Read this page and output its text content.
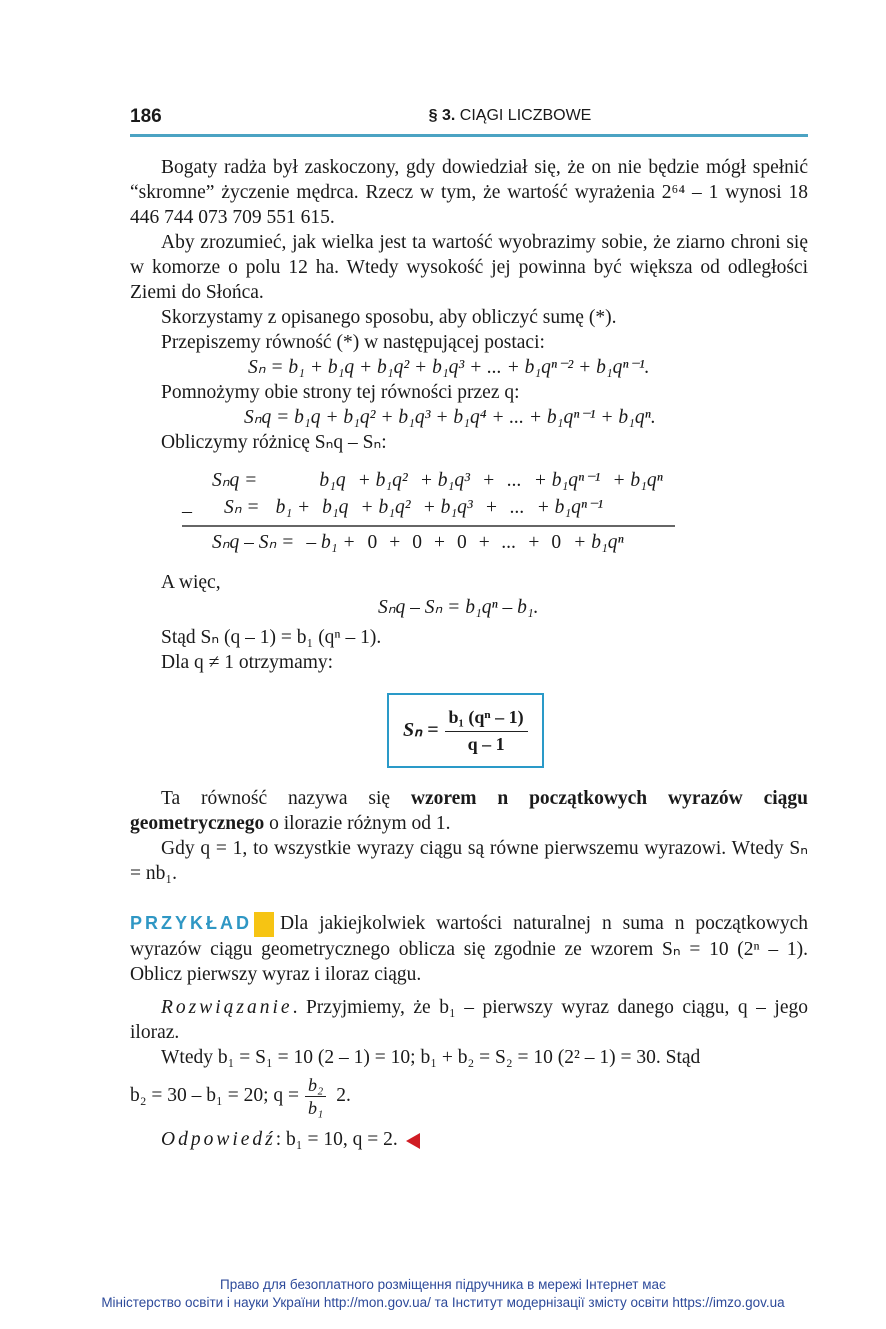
186	§ 3. CIĄGI LICZBOWE

Bogaty radża był zaskoczony, gdy dowiedział się, że on nie będzie mógł spełnić “skromne” życzenie mędrca. Rzecz w tym, że wartość wyrażenia 2⁶⁴ – 1 wynosi 18 446 744 073 709 551 615.

Aby zrozumieć, jak wielka jest ta wartość wyobrazimy sobie, że ziarno chroni się w komorze o polu 12 ha. Wtedy wysokość jej powinna być większa od odległości Ziemi do Słońca.

Skorzystamy z opisanego sposobu, aby obliczyć sumę (*).

Przepiszemy równość (*) w następującej postaci:

Sₙ = b₁ + b₁q + b₁q² + b₁q³ + ... + b₁qⁿ⁻² + b₁qⁿ⁻¹.

Pomnożymy obie strony tej równości przez q:

Sₙq = b₁q + b₁q² + b₁q³ + b₁q⁴ + ... + b₁qⁿ⁻¹ + b₁qⁿ.

Obliczymy różnicę Sₙq – Sₙ:

–
Sₙq =	b₁q + b₁q² + b₁q³ + ... + b₁qⁿ⁻¹ + b₁qⁿ
Sₙ = b₁ + b₁q + b₁q² + b₁q³ + ... + b₁qⁿ⁻¹
Sₙq – Sₙ = – b₁ + 0 + 0 + 0 + ... + 0 + b₁qⁿ

A więc,

Sₙq – Sₙ = b₁qⁿ – b₁.

Stąd Sₙ (q – 1) = b₁ (qⁿ – 1).

Dla q ≠ 1 otrzymamy:

$S_n = \frac{\text{b₁ (qⁿ – 1)}}{q - 1}$

Ta równość nazywa się wzorem n początkowych wyrazów ciągu geometrycznego o ilorazie różnym od 1.

Gdy q = 1, to wszystkie wyrazy ciągu są równe pierwszemu wyrazowi. Wtedy Sₙ = nb₁.

PRZYKŁAD Dla jakiejkolwiek wartości naturalnej n suma n początkowych wyrazów ciągu geometrycznego oblicza się zgodnie ze wzorem Sₙ = 10 (2ⁿ – 1). Oblicz pierwszy wyraz i iloraz ciągu.

Rozwiązanie. Przyjmiemy, że b₁ – pierwszy wyraz danego ciągu, q – jego iloraz.

Wtedy b₁ = S₁ = 10 (2 – 1) = 10; b₁ + b₂ = S₂ = 10 (2² – 1) = 30. Stąd

b₂ = 30 – b₁ = 20; $q = \frac{\text{b₂}}{\text{b₁}} 2$.

Odpowiedź: b₁ = 10, q = 2.

Право для безоплатного розміщення підручника в мережі Інтернет має
Міністерство освіти і науки України http://mon.gov.ua/ та Інститут модернізації змісту освіти https://imzo.gov.ua
